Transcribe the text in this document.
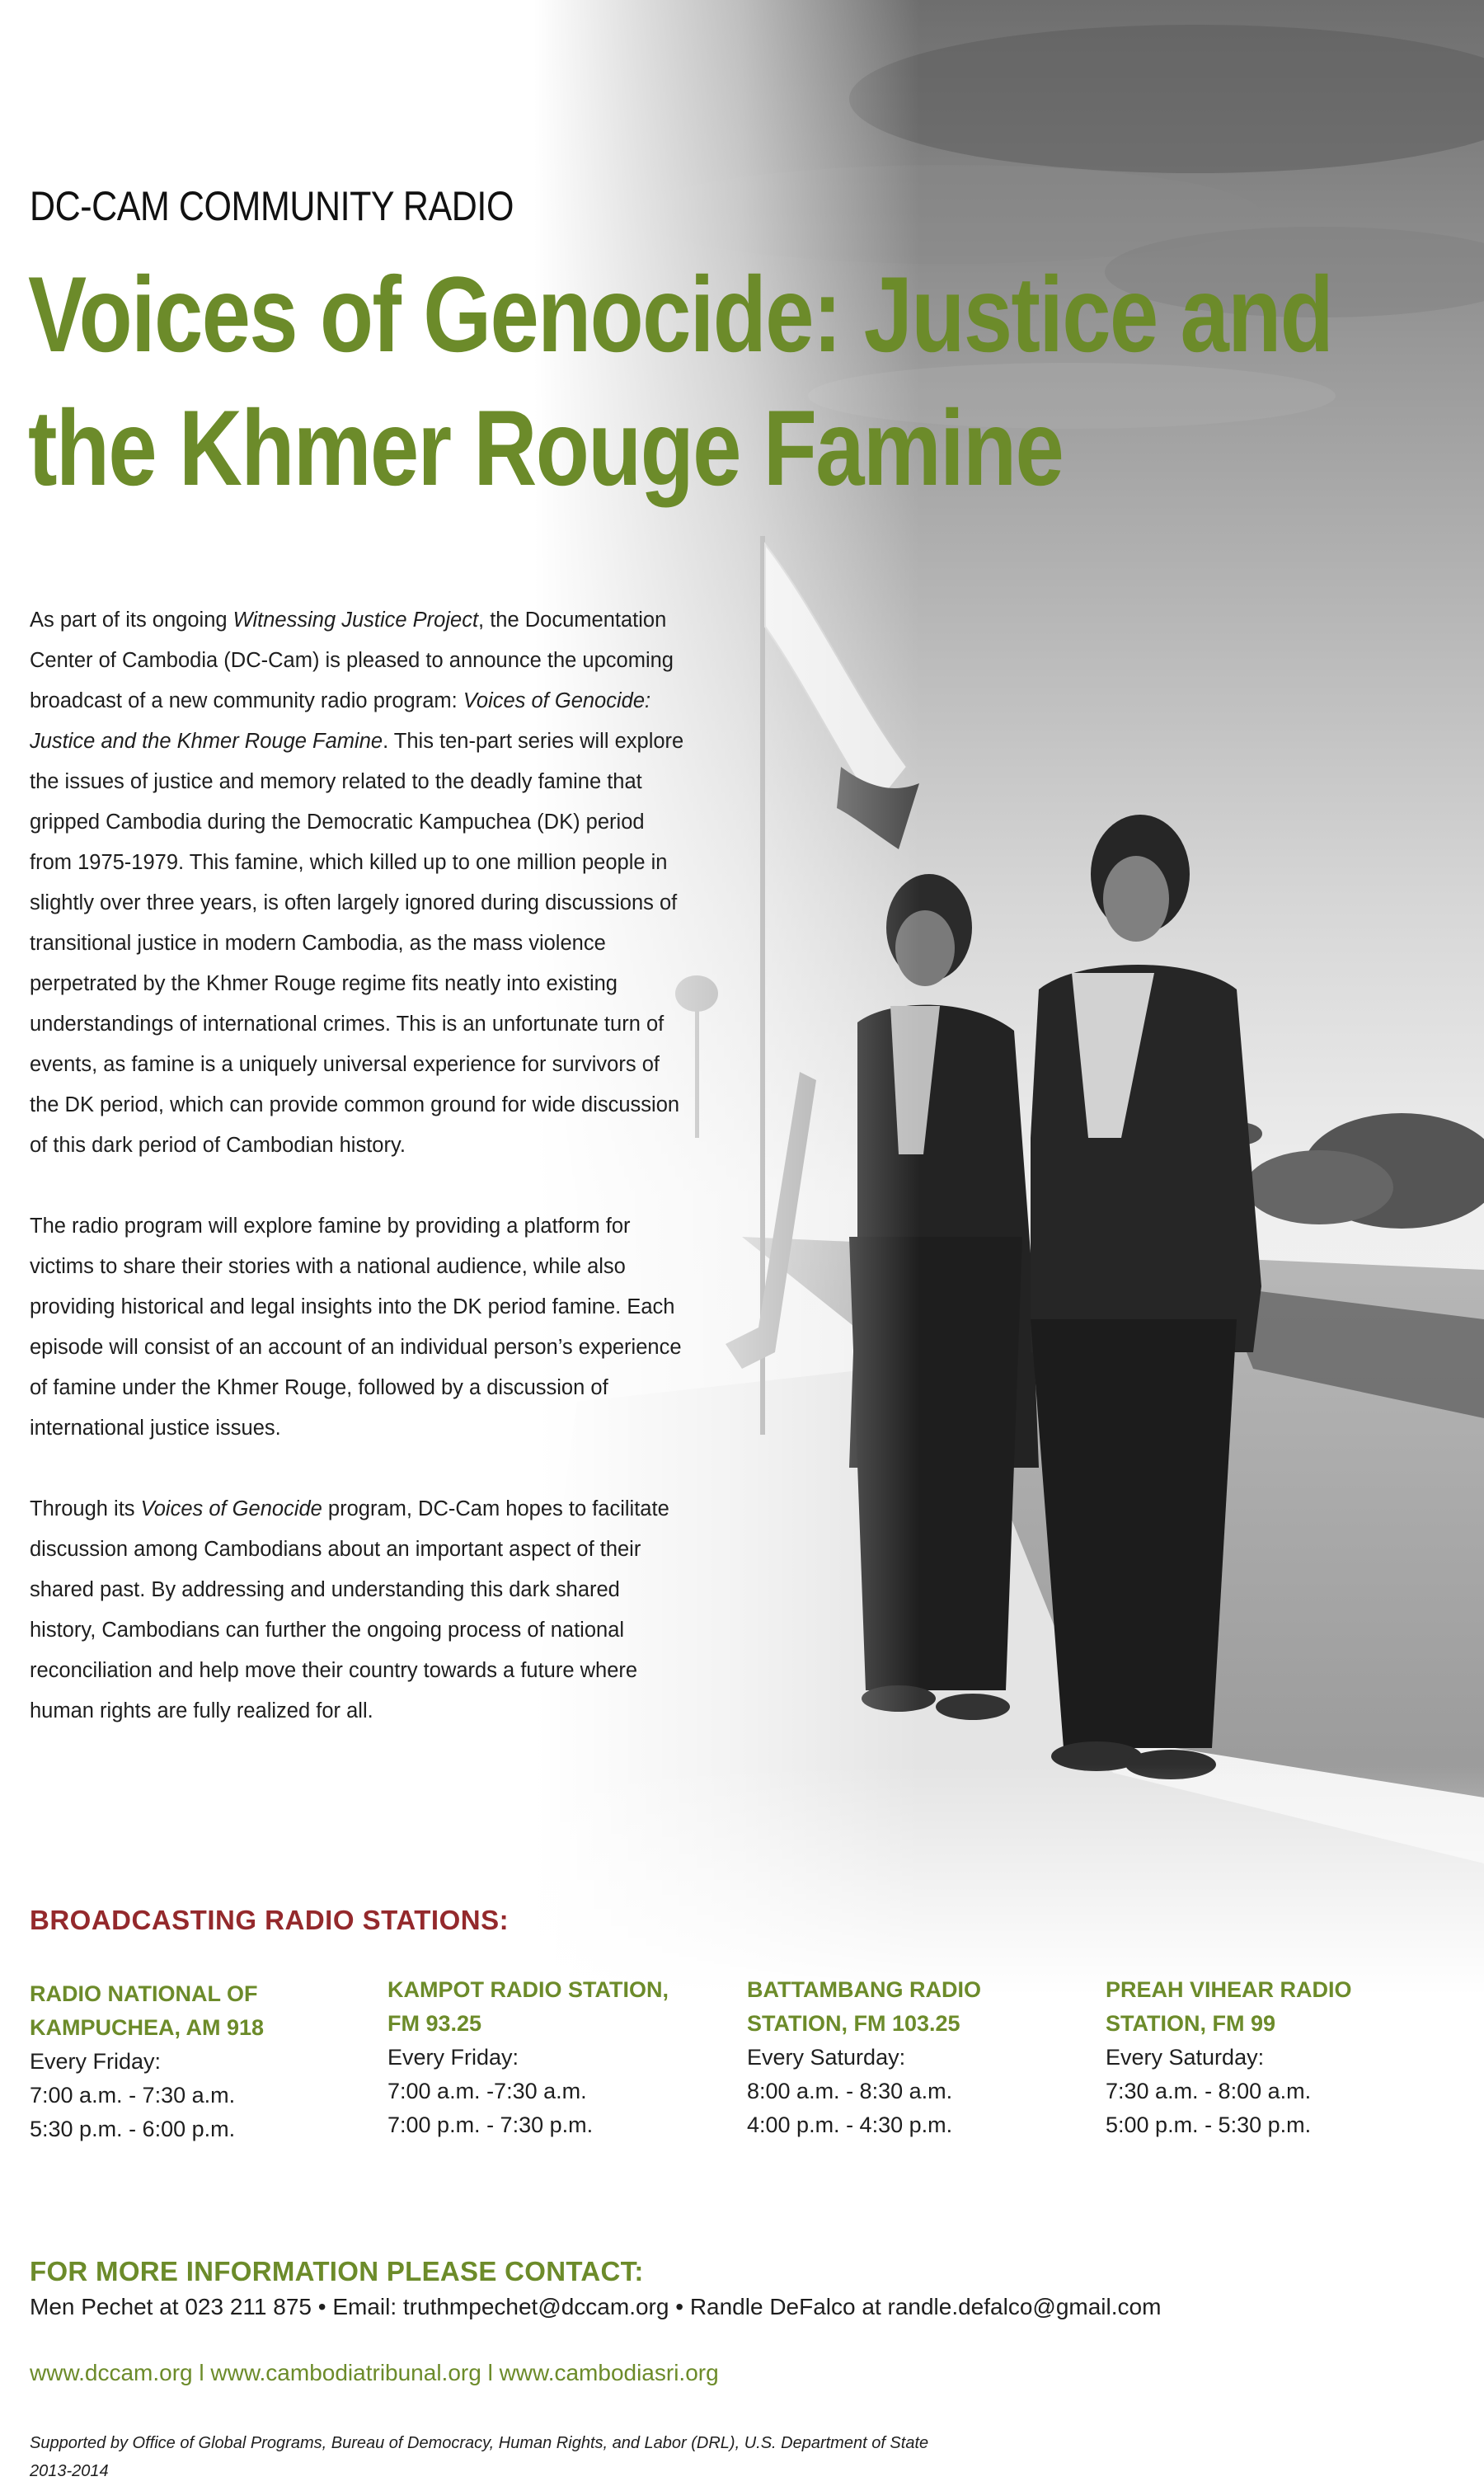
DC-CAM COMMUNITY RADIO
Voices of Genocide: Justice and
the Khmer Rouge Famine

As part of its ongoing Witnessing Justice Project, the Documentation Center of Cambodia (DC-Cam) is pleased to announce the upcoming broadcast of a new community radio program: Voices of Genocide: Justice and the Khmer Rouge Famine. This ten-part series will explore the issues of justice and memory related to the deadly famine that gripped Cambodia during the Democratic Kampuchea (DK) period from 1975-1979. This famine, which killed up to one million people in slightly over three years, is often largely ignored during discussions of transitional justice in modern Cambodia, as the mass violence perpetrated by the Khmer Rouge regime fits neatly into existing understandings of international crimes. This is an unfortunate turn of events, as famine is a uniquely universal experience for survivors of the DK period, which can provide common ground for wide discussion of this dark period of Cambodian history.

The radio program will explore famine by providing a platform for victims to share their stories with a national audience, while also providing historical and legal insights into the DK period famine. Each episode will consist of an account of an individual person’s experience of famine under the Khmer Rouge, followed by a discussion of international justice issues.

Through its Voices of Genocide program, DC-Cam hopes to facilitate discussion among Cambodians about an important aspect of their shared past. By addressing and understanding this dark shared history, Cambodians can further the ongoing process of national reconciliation and help move their country towards a future where human rights are fully realized for all.

BROADCASTING RADIO STATIONS:
RADIO NATIONAL OF
KAMPUCHEA, AM 918
Every Friday:
7:00 a.m. - 7:30 a.m.
5:30 p.m. - 6:00 p.m.
KAMPOT RADIO STATION,
FM 93.25
Every Friday:
7:00 a.m. -7:30 a.m.
7:00 p.m. - 7:30 p.m.
BATTAMBANG RADIO
STATION, FM 103.25
Every Saturday:
8:00 a.m. - 8:30 a.m.
4:00 p.m. - 4:30 p.m.
PREAH VIHEAR RADIO
STATION, FM 99
Every Saturday:
7:30 a.m. - 8:00 a.m.
5:00 p.m. - 5:30 p.m.
FOR MORE INFORMATION PLEASE CONTACT:
Men Pechet at 023 211 875 • Email: truthmpechet@dccam.org • Randle DeFalco at randle.defalco@gmail.com
www.dccam.org l www.cambodiatribunal.org l www.cambodiasri.org
Supported by Office of Global Programs, Bureau of Democracy, Human Rights, and Labor (DRL), U.S. Department of State
2013-2014
